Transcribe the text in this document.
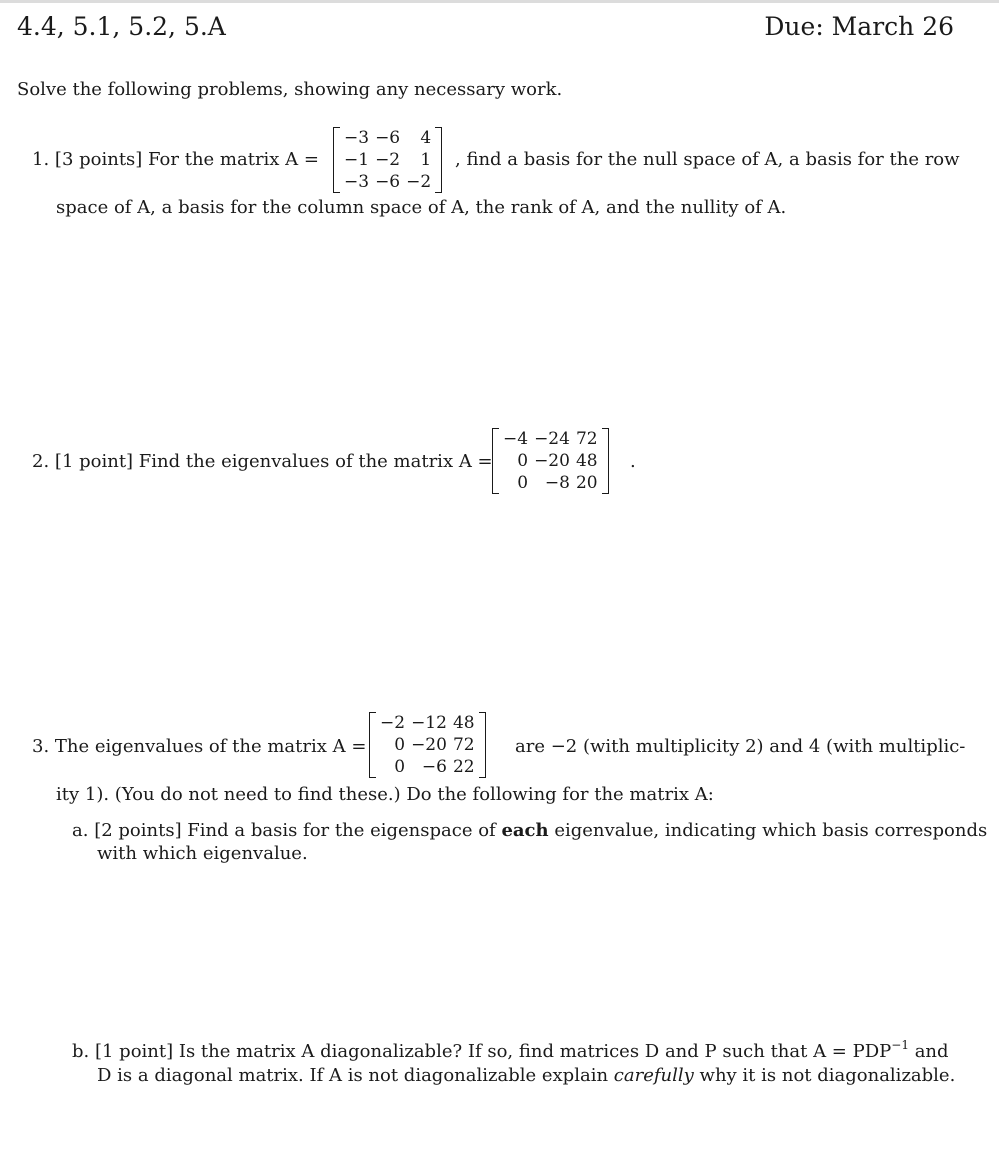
4.4, 5.1, 5.2, 5.A	Due: March 26
Solve the following problems, showing any necessary work.
1. [3 points] For the matrix A =
−3	−6	4
−1	−2	1
−3	−6	−2
, find a basis for the null space of A, a basis for the row
space of A, a basis for the column space of A, the rank of A, and the nullity of A.
2. [1 point] Find the eigenvalues of the matrix A =
−4	−24	72
0	−20	48
0	−8	20
.
3. The eigenvalues of the matrix A =
−2	−12	48
0	−20	72
0	−6	22
are −2 (with multiplicity 2) and 4 (with multiplic-
ity 1). (You do not need to find these.) Do the following for the matrix A:
a. [2 points] Find a basis for the eigenspace of each eigenvalue, indicating which basis corresponds
with which eigenvalue.
b. [1 point] Is the matrix A diagonalizable? If so, find matrices D and P such that $A = PDP^{-1}$ and
D is a diagonal matrix. If A is not diagonalizable explain carefully why it is not diagonalizable.
